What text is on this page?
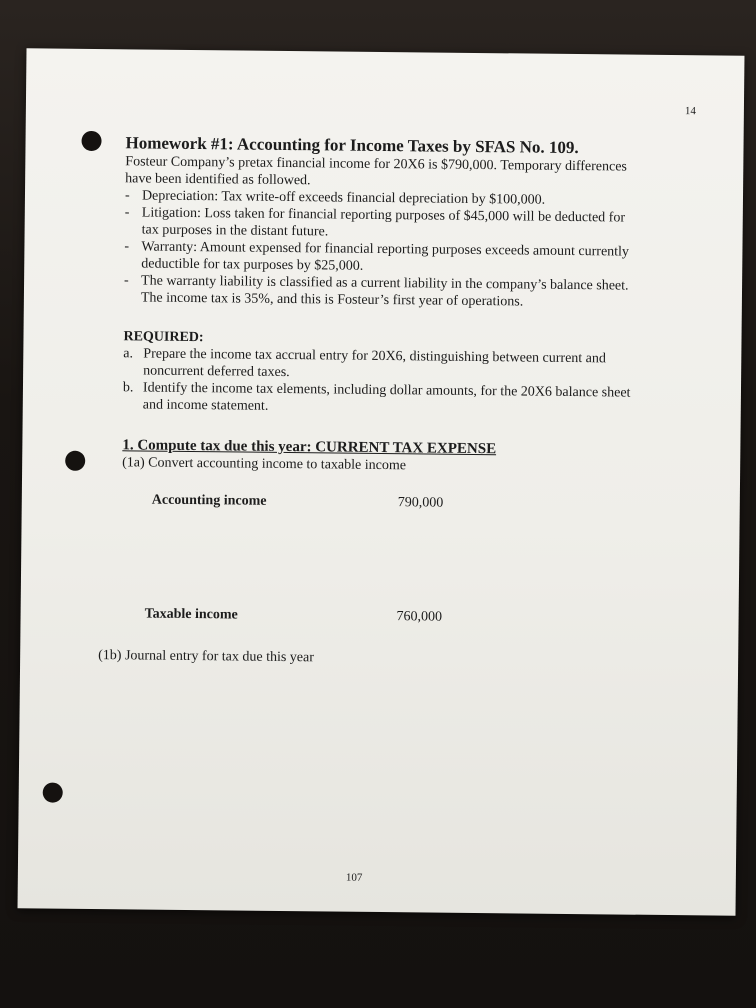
14
Homework #1: Accounting for Income Taxes by SFAS No. 109.
Fosteur Company’s pretax financial income for 20X6 is $790,000. Temporary differences have been identified as followed.
- Depreciation: Tax write-off exceeds financial depreciation by $100,000.
- Litigation: Loss taken for financial reporting purposes of $45,000 will be deducted for tax purposes in the distant future.
- Warranty: Amount expensed for financial reporting purposes exceeds amount currently deductible for tax purposes by $25,000.
- The warranty liability is classified as a current liability in the company’s balance sheet. The income tax is 35%, and this is Fosteur’s first year of operations.
REQUIRED:
a. Prepare the income tax accrual entry for 20X6, distinguishing between current and noncurrent deferred taxes.
b. Identify the income tax elements, including dollar amounts, for the 20X6 balance sheet and income statement.
1. Compute tax due this year: CURRENT TAX EXPENSE
(1a) Convert accounting income to taxable income
Accounting income	790,000
Taxable income	760,000
(1b) Journal entry for tax due this year
107
